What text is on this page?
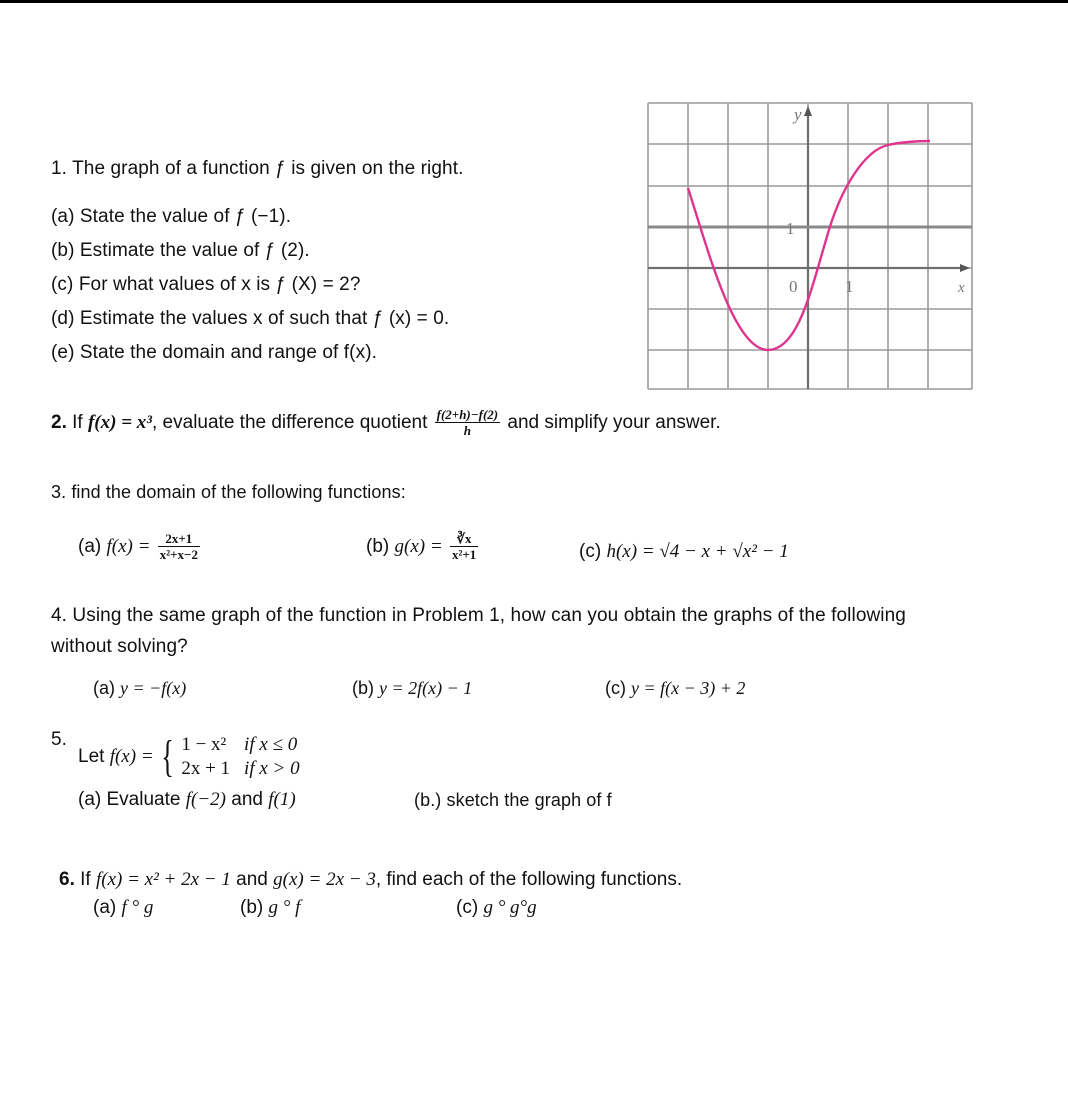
1. The graph of a function ƒ is given on the right.
(a) State the value of ƒ (−1).
(b) Estimate the value of ƒ (2).
(c) For what values of x is ƒ (X) = 2?
(d) Estimate the values x of such that ƒ (x) = 0.
(e) State the domain and range of f(x).
y
x
1
0	1
2. If f(x) = x³, evaluate the difference quotient $\frac{f(2+h)-f(2)}{h}$ and simplify your answer.
3. find the domain of the following functions:
(a) $f(x) = \frac{2x+1}{\text{x²+x−2}}$	(b) $g(x) = \frac{∛x}{\text{x²+1}}$	(c) h(x) = √4 − x + √x² − 1
4. Using the same graph of the function in Problem 1, how can you obtain the graphs of the following
without solving?
(a) y = −f(x)	(b) y = 2f(x) − 1	(c) y = f(x − 3) + 2
5.
Let f(x) = { 1 − x²	if x ≤ 0
2x + 1	if x > 0
(a) Evaluate f(−2) and f(1)	(b.) sketch the graph of f
6. If f(x) = x² + 2x − 1 and g(x) = 2x − 3, find each of the following functions.
(a) f ° g	(b) g ° f	(c) g ° g°g
